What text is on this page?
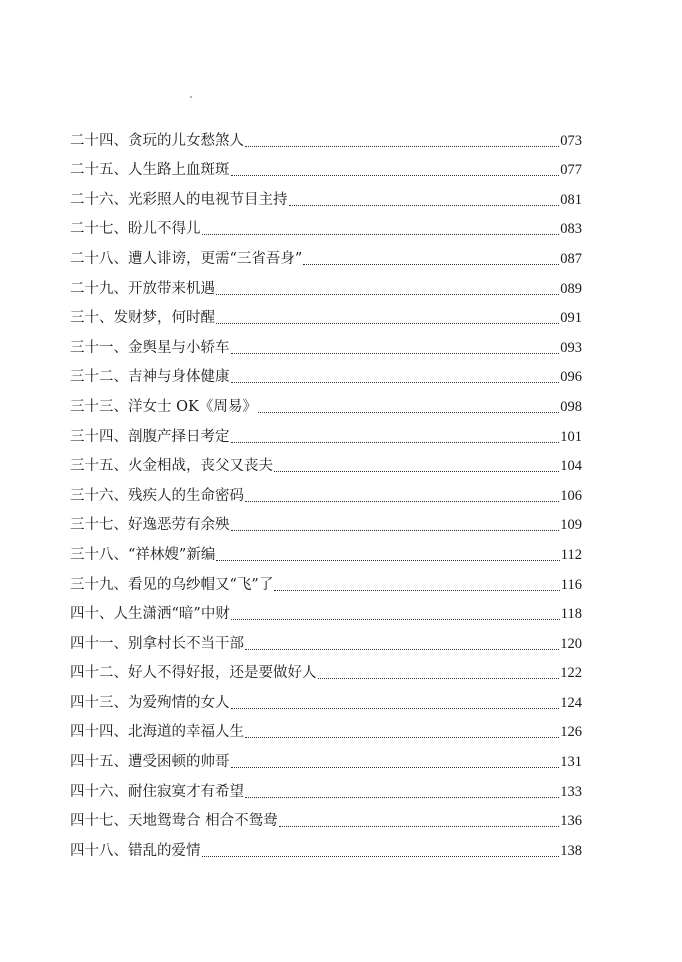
二十四、贪玩的儿女愁煞人	073
二十五、人生路上血斑斑	077
二十六、光彩照人的电视节目主持	081
二十七、盼儿不得儿	083
二十八、遭人诽谤，更需“三省吾身”	087
二十九、开放带来机遇	089
三十、发财梦，何时醒	091
三十一、金舆星与小轿车	093
三十二、吉神与身体健康	096
三十三、洋女士 OK《周易》	098
三十四、剖腹产择日考定	101
三十五、火金相战，丧父又丧夫	104
三十六、残疾人的生命密码	106
三十七、好逸恶劳有余殃	109
三十八、“祥林嫂”新编	112
三十九、看见的乌纱帽又“飞”了	116
四十、人生潇洒“暗”中财	118
四十一、别拿村长不当干部	120
四十二、好人不得好报，还是要做好人	122
四十三、为爱殉情的女人	124
四十四、北海道的幸福人生	126
四十五、遭受困顿的帅哥	131
四十六、耐住寂寞才有希望	133
四十七、天地鸳鸯合 相合不鸳鸯	136
四十八、错乱的爱情	138
